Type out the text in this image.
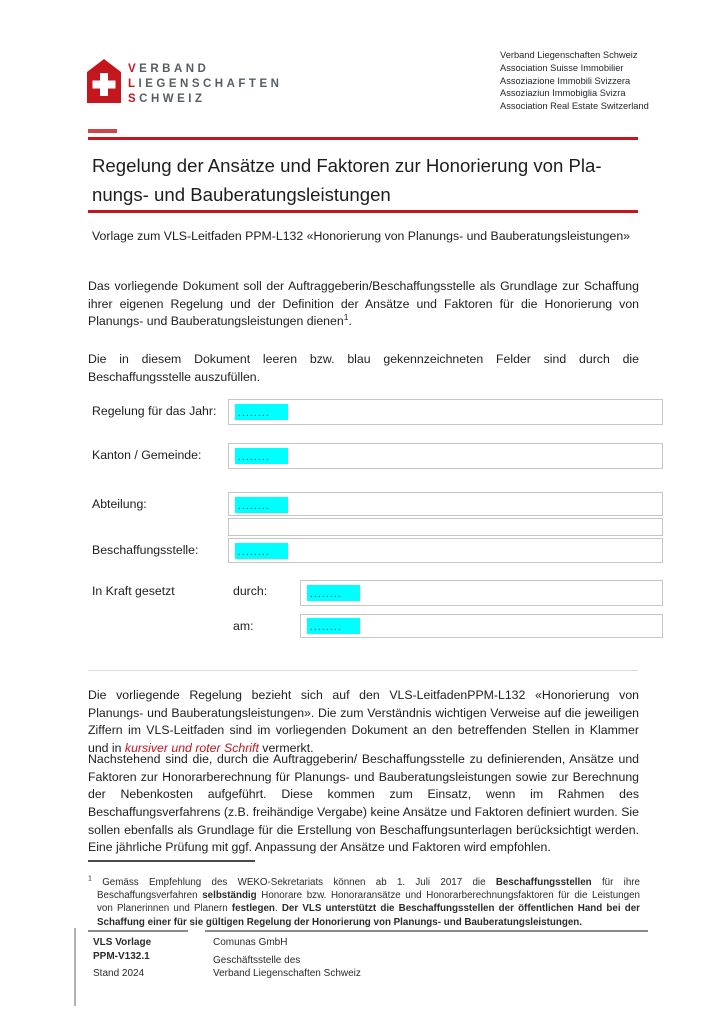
VERBAND
LIEGENSCHAFTEN
SCHWEIZ
Verband Liegenschaften Schweiz
Association Suisse Immobilier
Assoziazione Immobili Svizzera
Assoziaziun Immobiglia Svizra
Association Real Estate Switzerland
Regelung der Ansätze und Faktoren zur Honorierung von Pla-
nungs- und Bauberatungsleistungen
Vorlage zum VLS-Leitfaden PPM-L132 «Honorierung von Planungs- und Bauberatungsleistungen»

Das vorliegende Dokument soll der Auftraggeberin/Beschaffungsstelle als Grundlage zur Schaffung ihrer eigenen Regelung und der Definition der Ansätze und Faktoren für die Honorierung von Planungs- und Bauberatungsleistungen dienen$^1$.

Die in diesem Dokument leeren bzw. blau gekennzeichneten Felder sind durch die Beschaffungsstelle auszufüllen.

Regelung für das Jahr:	........
Kanton / Gemeinde:	........
Abteilung:	........
Beschaffungsstelle:	........
In Kraft gesetzt	durch:	........
am:	........

Die vorliegende Regelung bezieht sich auf den VLS-LeitfadenPPM-L132 «Honorierung von Planungs- und Bauberatungsleistungen». Die zum Verständnis wichtigen Verweise auf die jeweiligen Ziffern im VLS-Leitfaden sind im vorliegenden Dokument an den betreffenden Stellen in Klammer und in kursiver und roter Schrift vermerkt.

Nachstehend sind die, durch die Auftraggeberin/ Beschaffungsstelle zu definierenden, Ansätze und Faktoren zur Honorarberechnung für Planungs- und Bauberatungsleistungen sowie zur Berechnung der Nebenkosten aufgeführt. Diese kommen zum Einsatz, wenn im Rahmen des Beschaffungsverfahrens (z.B. freihändige Vergabe) keine Ansätze und Faktoren definiert wurden. Sie sollen ebenfalls als Grundlage für die Erstellung von Beschaffungsunterlagen berücksichtigt werden. Eine jährliche Prüfung mit ggf. Anpassung der Ansätze und Faktoren wird empfohlen.

$^1$ Gemäss Empfehlung des WEKO-Sekretariats können ab 1. Juli 2017 die Beschaffungsstellen für ihre Beschaffungsverfahren selbständig Honorare bzw. Honoraransätze und Honorarberechnungsfaktoren für die Leistungen von Planerinnen und Planern festlegen. Der VLS unterstützt die Beschaffungsstellen der öffentlichen Hand bei der Schaffung einer für sie gültigen Regelung der Honorierung von Planungs- und Bauberatungsleistungen.

VLS Vorlage
PPM-V132.1
Stand 2024
Comunas GmbH
Geschäftsstelle des
Verband Liegenschaften Schweiz
